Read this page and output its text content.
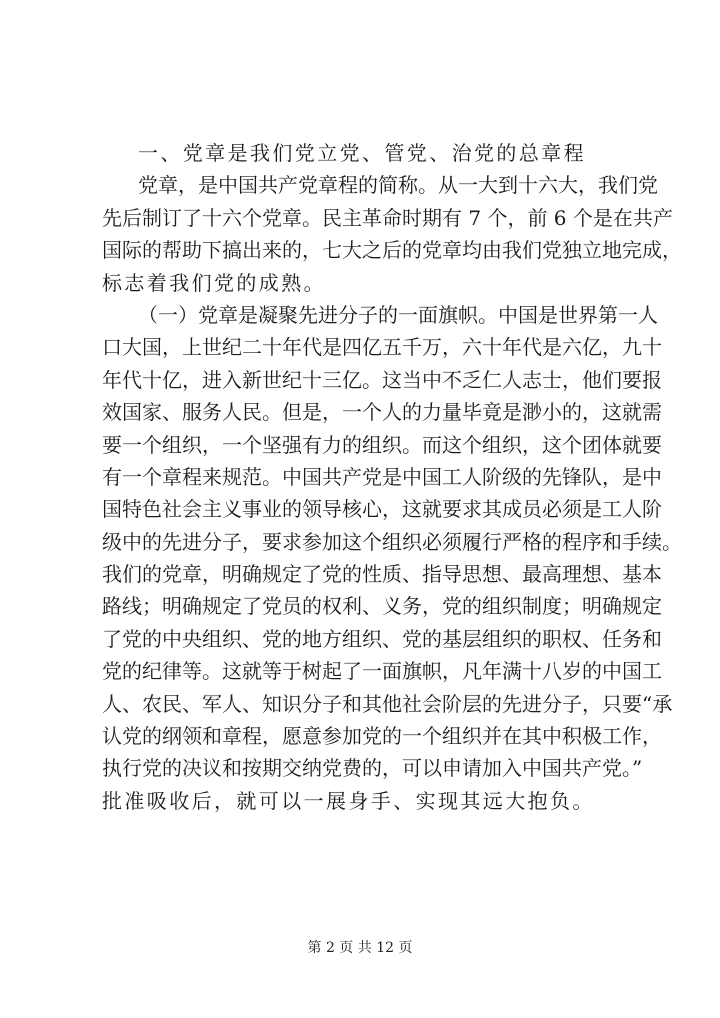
一、党章是我们党立党、管党、治党的总章程
党章，是中国共产党章程的简称。从一大到十六大，我们党
先后制订了十六个党章。民主革命时期有 7 个，前 6 个是在共产
国际的帮助下搞出来的，七大之后的党章均由我们党独立地完成，
标志着我们党的成熟。
（一）党章是凝聚先进分子的一面旗帜。中国是世界第一人
口大国，上世纪二十年代是四亿五千万，六十年代是六亿，九十
年代十亿，进入新世纪十三亿。这当中不乏仁人志士，他们要报
效国家、服务人民。但是，一个人的力量毕竟是渺小的，这就需
要一个组织，一个坚强有力的组织。而这个组织，这个团体就要
有一个章程来规范。中国共产党是中国工人阶级的先锋队，是中
国特色社会主义事业的领导核心，这就要求其成员必须是工人阶
级中的先进分子，要求参加这个组织必须履行严格的程序和手续。
我们的党章，明确规定了党的性质、指导思想、最高理想、基本
路线；明确规定了党员的权利、义务，党的组织制度；明确规定
了党的中央组织、党的地方组织、党的基层组织的职权、任务和
党的纪律等。这就等于树起了一面旗帜，凡年满十八岁的中国工
人、农民、军人、知识分子和其他社会阶层的先进分子，只要“承
认党的纲领和章程，愿意参加党的一个组织并在其中积极工作，
执行党的决议和按期交纳党费的，可以申请加入中国共产党。”
批准吸收后，就可以一展身手、实现其远大抱负。
第 2 页 共 12 页
